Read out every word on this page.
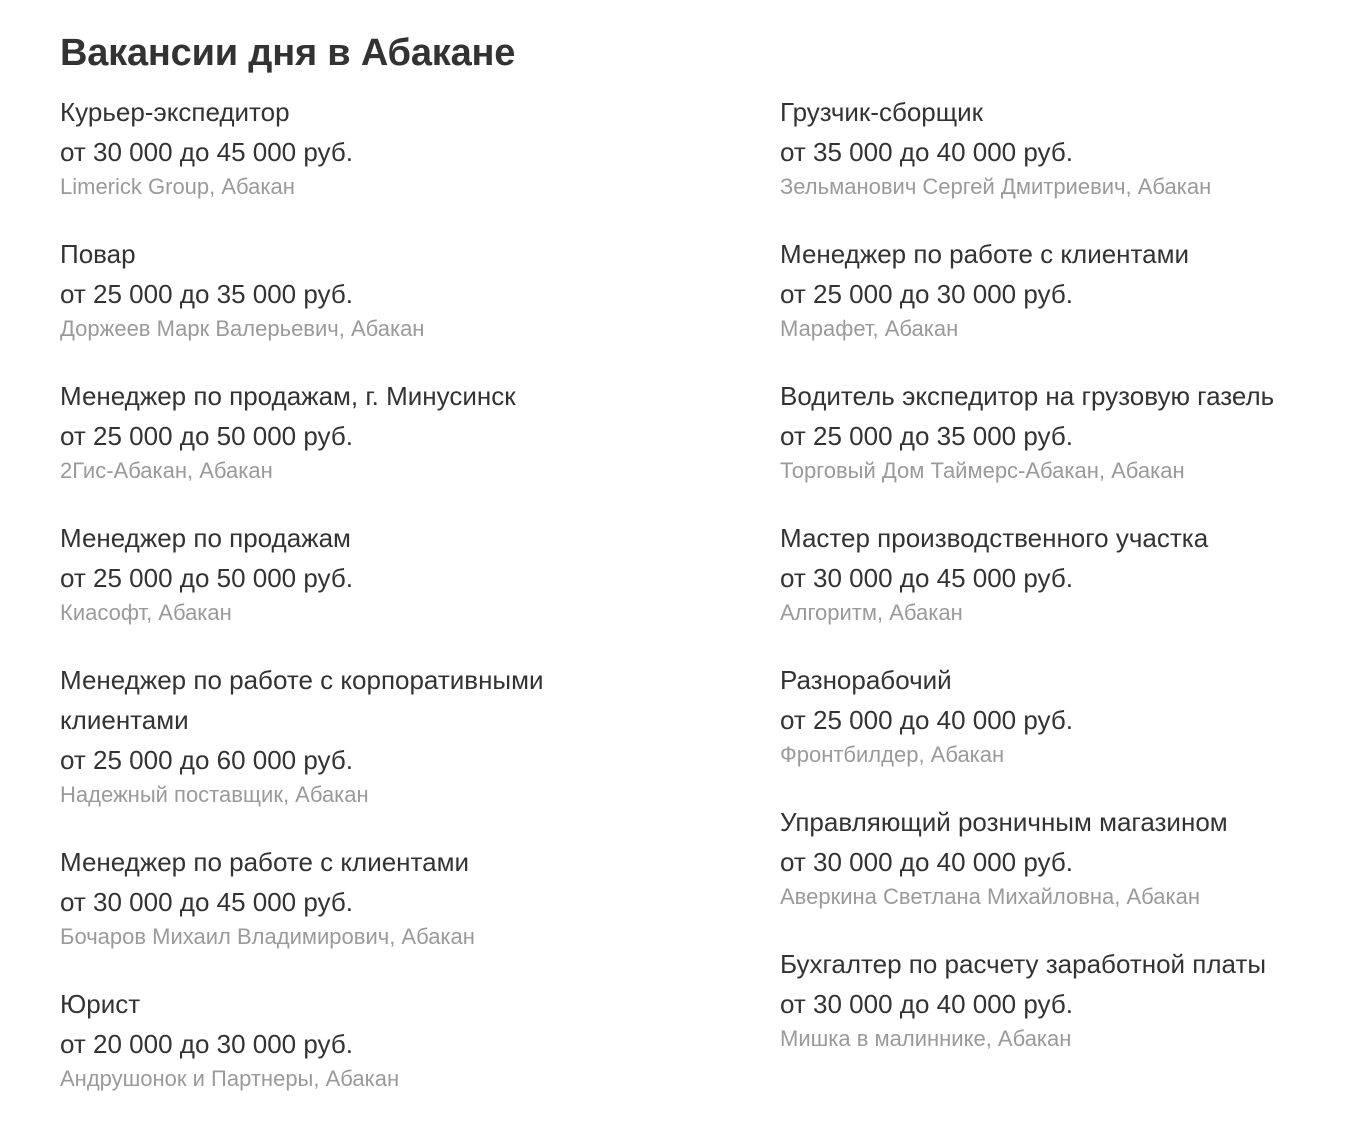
Вакансии дня в Абакане
Курьер-экспедитор
от 30 000 до 45 000 руб.
Limerick Group, Абакан
Повар
от 25 000 до 35 000 руб.
Доржеев Марк Валерьевич, Абакан
Менеджер по продажам, г. Минусинск
от 25 000 до 50 000 руб.
2Гис-Абакан, Абакан
Менеджер по продажам
от 25 000 до 50 000 руб.
Киасофт, Абакан
Менеджер по работе с корпоративными клиентами
от 25 000 до 60 000 руб.
Надежный поставщик, Абакан
Менеджер по работе с клиентами
от 30 000 до 45 000 руб.
Бочаров Михаил Владимирович, Абакан
Юрист
от 20 000 до 30 000 руб.
Андрушонок и Партнеры, Абакан
Грузчик-сборщик
от 35 000 до 40 000 руб.
Зельманович Сергей Дмитриевич, Абакан
Менеджер по работе с клиентами
от 25 000 до 30 000 руб.
Марафет, Абакан
Водитель экспедитор на грузовую газель
от 25 000 до 35 000 руб.
Торговый Дом Таймерс-Абакан, Абакан
Мастер производственного участка
от 30 000 до 45 000 руб.
Алгоритм, Абакан
Разнорабочий
от 25 000 до 40 000 руб.
Фронтбилдер, Абакан
Управляющий розничным магазином
от 30 000 до 40 000 руб.
Аверкина Светлана Михайловна, Абакан
Бухгалтер по расчету заработной платы
от 30 000 до 40 000 руб.
Мишка в малиннике, Абакан
